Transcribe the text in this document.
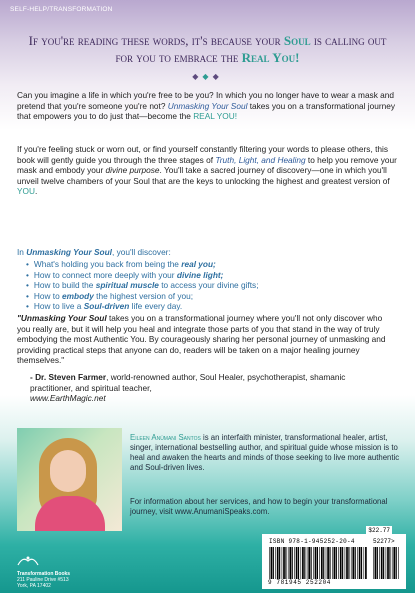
SELF-HELP/TRANSFORMATION
If you're reading these words, it's because your Soul is calling out for you to embrace the Real You!
◆◆◆
Can you imagine a life in which you're free to be you? In which you no longer have to wear a mask and pretend that you're someone you're not? Unmasking Your Soul takes you on a transformational journey that empowers you to do just that—become the REAL YOU!
If you're feeling stuck or worn out, or find yourself constantly filtering your words to please others, this book will gently guide you through the three stages of Truth, Light, and Healing to help you remove your mask and embody your divine purpose. You'll take a sacred journey of discovery—one in which you'll unveil twelve chambers of your Soul that are the keys to unlocking the highest and greatest version of YOU.
In Unmasking Your Soul, you'll discover:
• What's holding you back from being the real you;
• How to connect more deeply with your divine light;
• How to build the spiritual muscle to access your divine gifts;
• How to embody the highest version of you;
• How to live a Soul-driven life every day.
"Unmasking Your Soul takes you on a transformational journey where you'll not only discover who you really are, but it will help you heal and integrate those parts of you that stand in the way of truly embodying the most Authentic You. By courageously sharing her personal journey of unmasking and providing practical steps that anyone can do, readers will be taken on a major healing journey themselves."
- Dr. Steven Farmer, world-renowned author, Soul Healer, psychotherapist, shamanic practitioner, and spiritual teacher,
www.EarthMagic.net
Eileen Anūmani Santos is an interfaith minister, transformational healer, artist, singer, international bestselling author, and spiritual guide whose mission is to heal and awaken the hearts and minds of those seeking to live more authentic and Soul-driven lives.
For information about her services, and how to begin your transformational journey, visit www.AnumaniSpeaks.com.
Transformation Books
211 Pauline Drive #513
York, PA 17402
$22.77
ISBN 978-1-945252-20-4	52277>
9 781945 252204
